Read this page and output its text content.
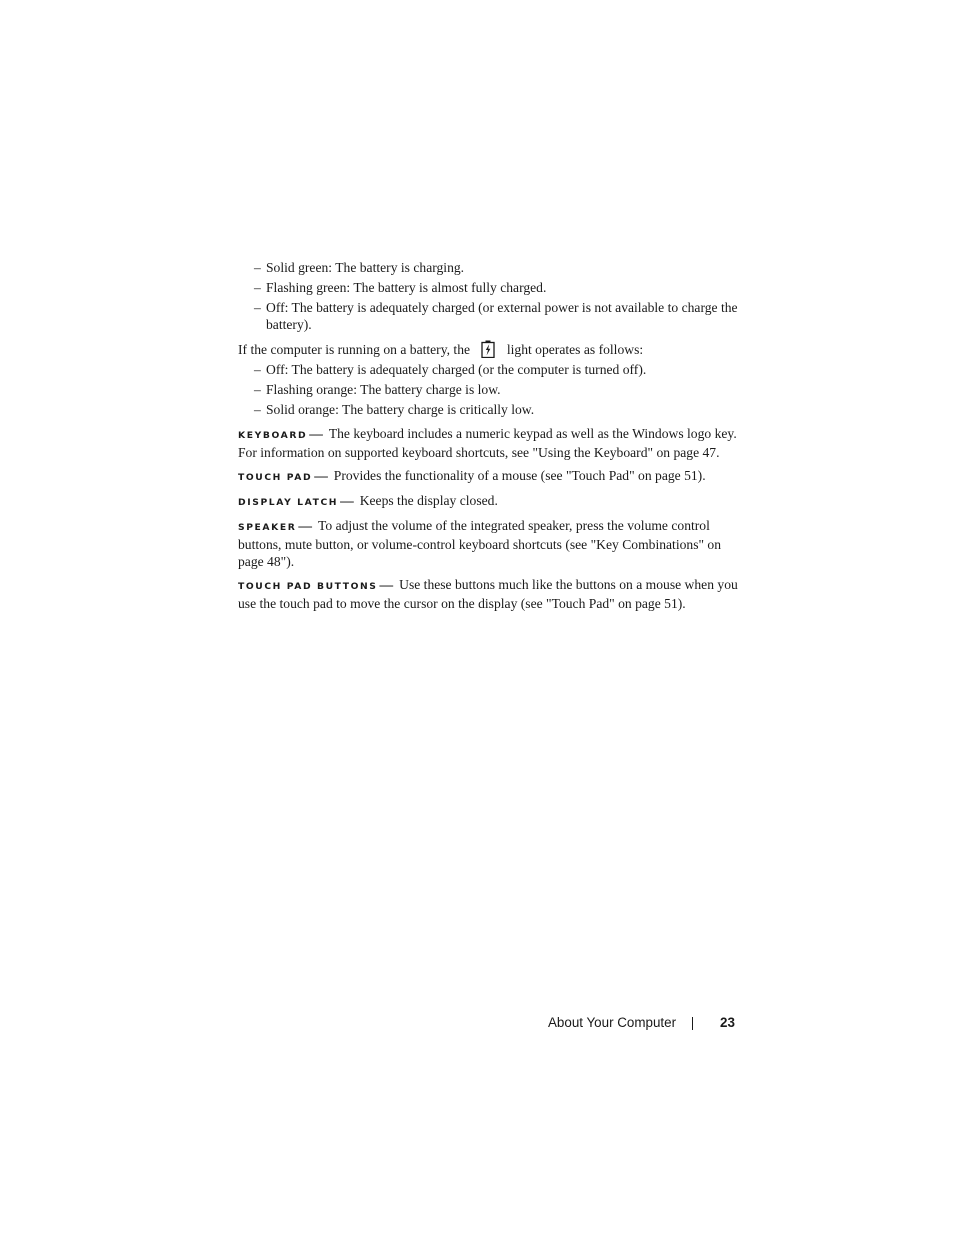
– Solid green: The battery is charging.
– Flashing green: The battery is almost fully charged.
– Off: The battery is adequately charged (or external power is not available to charge the battery).

If the computer is running on a battery, the	light operates as follows:

– Off: The battery is adequately charged (or the computer is turned off).
– Flashing orange: The battery charge is low.
– Solid orange: The battery charge is critically low.

KEYBOARD — The keyboard includes a numeric keypad as well as the Windows logo key. For information on supported keyboard shortcuts, see "Using the Keyboard" on page 47.

TOUCH PAD — Provides the functionality of a mouse (see "Touch Pad" on page 51).

DISPLAY LATCH — Keeps the display closed.

SPEAKER — To adjust the volume of the integrated speaker, press the volume control buttons, mute button, or volume-control keyboard shortcuts (see "Key Combinations" on page 48").

TOUCH PAD BUTTONS — Use these buttons much like the buttons on a mouse when you use the touch pad to move the cursor on the display (see "Touch Pad" on page 51).

About Your Computer	23
